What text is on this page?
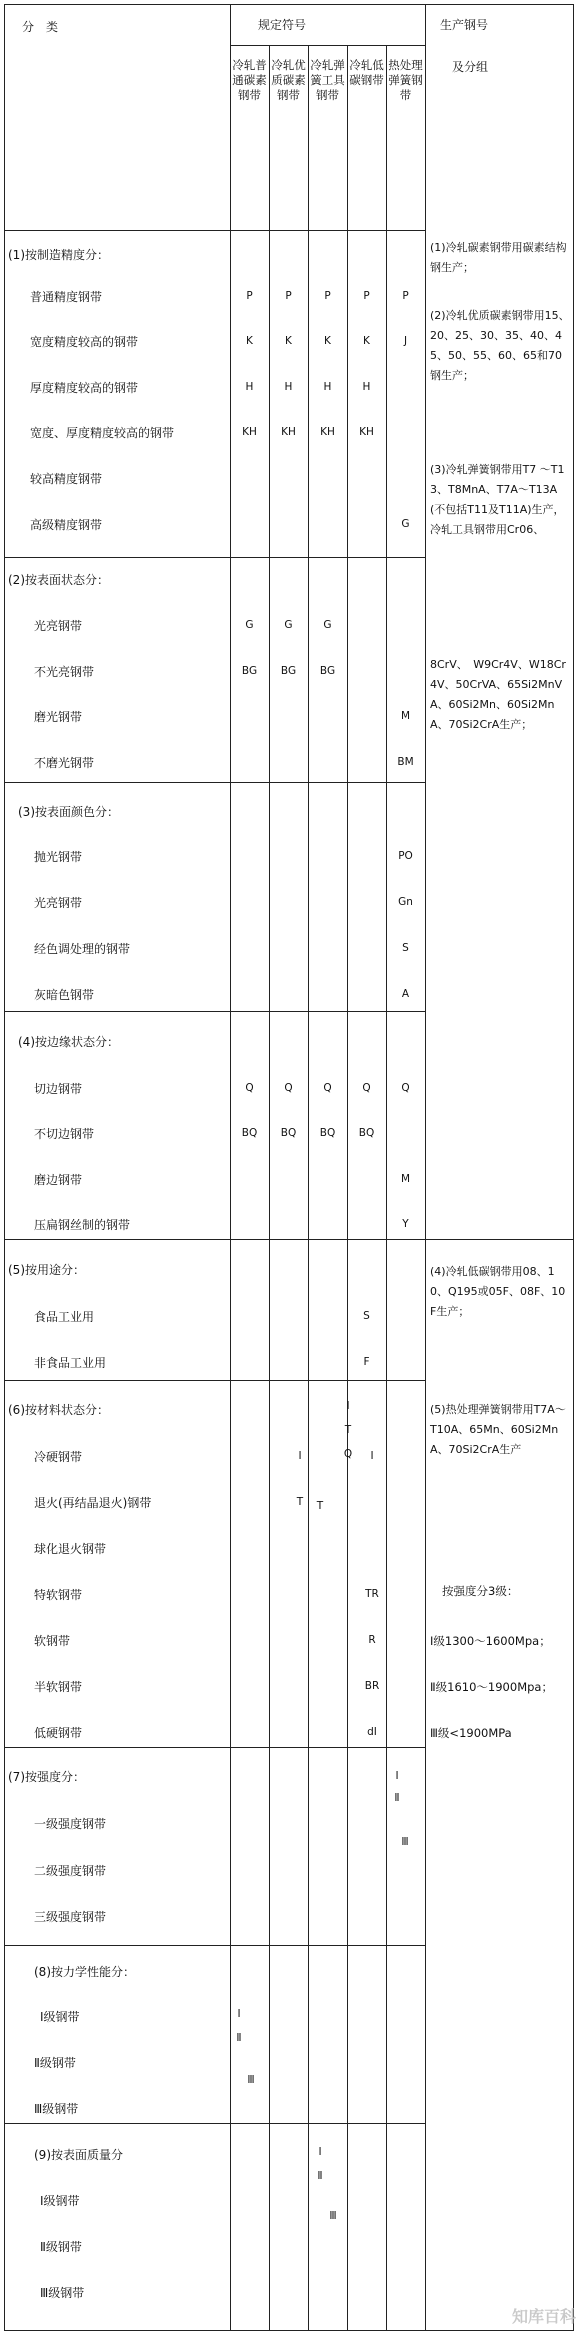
分　类	规定符号	生产钢号
及分组
冷轧普通碳素钢带
冷轧优质碳素钢带
冷轧弹簧工具钢带
冷轧低碳钢带
热处理弹簧钢带
(1)按制造精度分：
普通精度钢带
宽度精度较高的钢带
厚度精度较高的钢带
宽度、厚度精度较高的钢带
较高精度钢带
高级精度钢带
P
K
H
KH
P
K
H
KH
P
K
H
KH
P
K
H
KH
P
J
G
(2)按表面状态分：
光亮钢带
不光亮钢带
磨光钢带
不磨光钢带
G
BG
G
BG
G
BG
M
BM
(3)按表面颜色分：
抛光钢带
光亮钢带
经色调处理的钢带
灰暗色钢带
PO
Gn
S
A
(4)按边缘状态分：
切边钢带
不切边钢带
磨边钢带
压扁钢丝制的钢带
Q
BQ
Q
BQ
Q
BQ
Q
BQ
Q
M
Y
(5)按用途分：
食品工业用
非食品工业用
S
F
(6)按材料状态分：
冷硬钢带
退火(再结晶退火)钢带
球化退火钢带
特软钢带
软钢带
半软钢带
低硬钢带
I
T
I
T
Q
T
I
TR
R
BR
dI
(7)按强度分：
一级强度钢带
二级强度钢带
三级强度钢带
I
Ⅱ
Ⅲ
(8)按力学性能分：
I级钢带
Ⅱ级钢带
Ⅲ级钢带
I
Ⅱ
Ⅲ
(9)按表面质量分
I级钢带
Ⅱ级钢带
Ⅲ级钢带
I
Ⅱ
Ⅲ
(1)冷轧碳素钢带用碳素结构钢生产；
(2)冷轧优质碳素钢带用15、20、25、30、35、40、45、50、55、60、65和70钢生产；
(3)冷轧弹簧钢带用T7 ～T13、T8MnA、T7A～T13A(不包括T11及T11A)生产，冷轧工具钢带用Cr06、
8CrV、　W9Cr4V、W18Cr4V、50CrVA、65Si2MnVA、60Si2Mn、60Si2MnA、70Si2CrA生产；
(4)冷轧低碳钢带用08、10、Q195或05F、08F、10F生产；
(5)热处理弹簧钢带用T7A～T10A、65Mn、60Si2MnA、70Si2CrA生产
按强度分3级：
I级1300～1600Mpa；
Ⅱ级1610～1900Mpa；
Ⅲ级<1900MPa
知库百科
